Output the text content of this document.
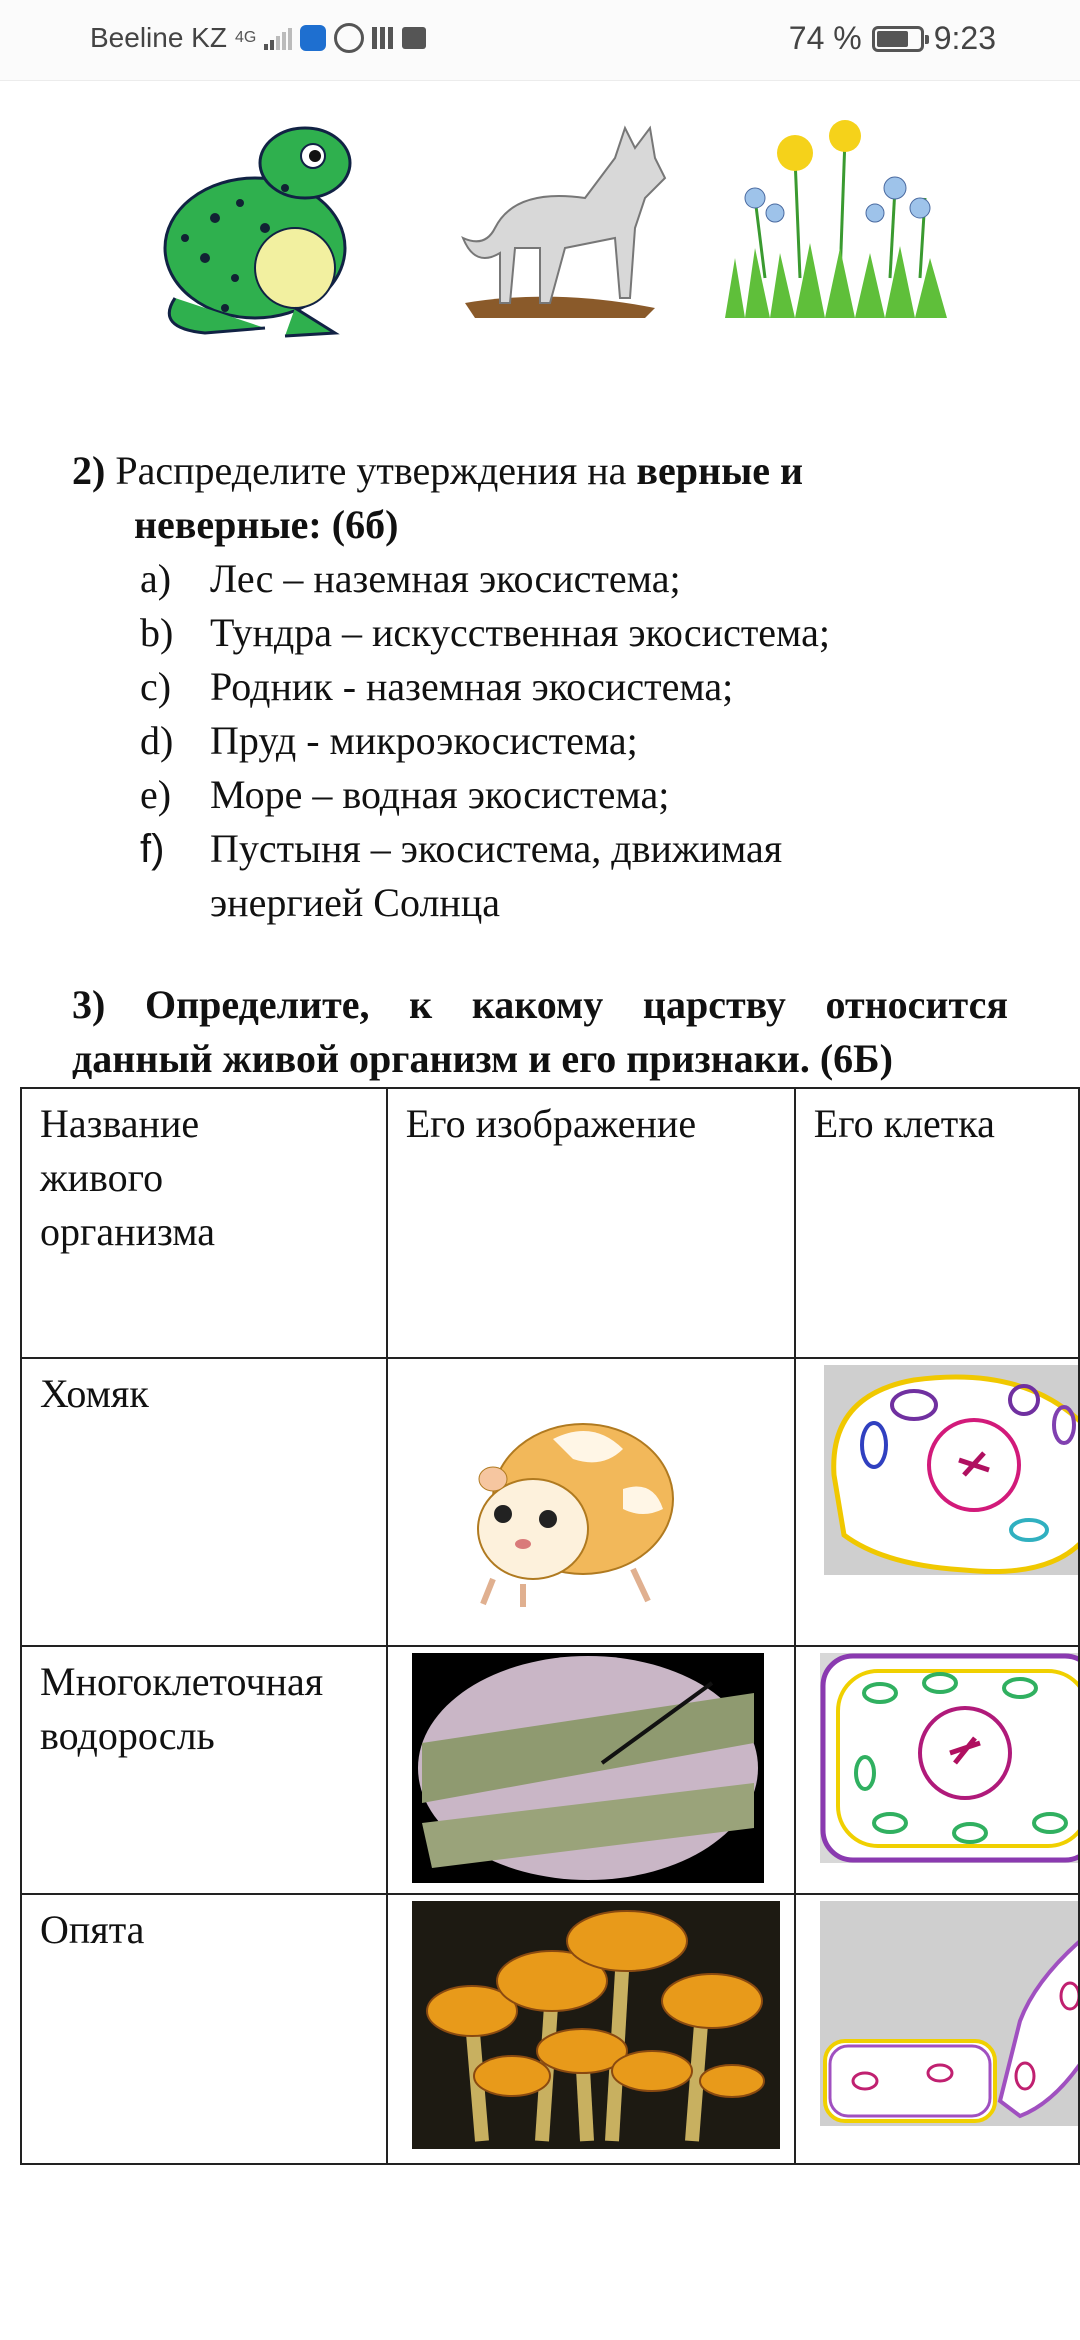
Beeline KZ 4G	74 % 9:23
2) Распределите утверждения на верные и
неверные: (6б)
a) Лес – наземная экосистема;
b) Тундра – искусственная экосистема;
c) Родник - наземная экосистема;
d) Пруд - микроэкосистема;
e) Море – водная экосистема;
f) Пустыня – экосистема, движимая
энергией Солнца
3) Определите, к какому царству относится
данный живой организм и его признаки. (6Б)
Название
живого
организма	Его изображение	Его клетка
Хомяк	

Многоклеточная
водоросль

Опята	
